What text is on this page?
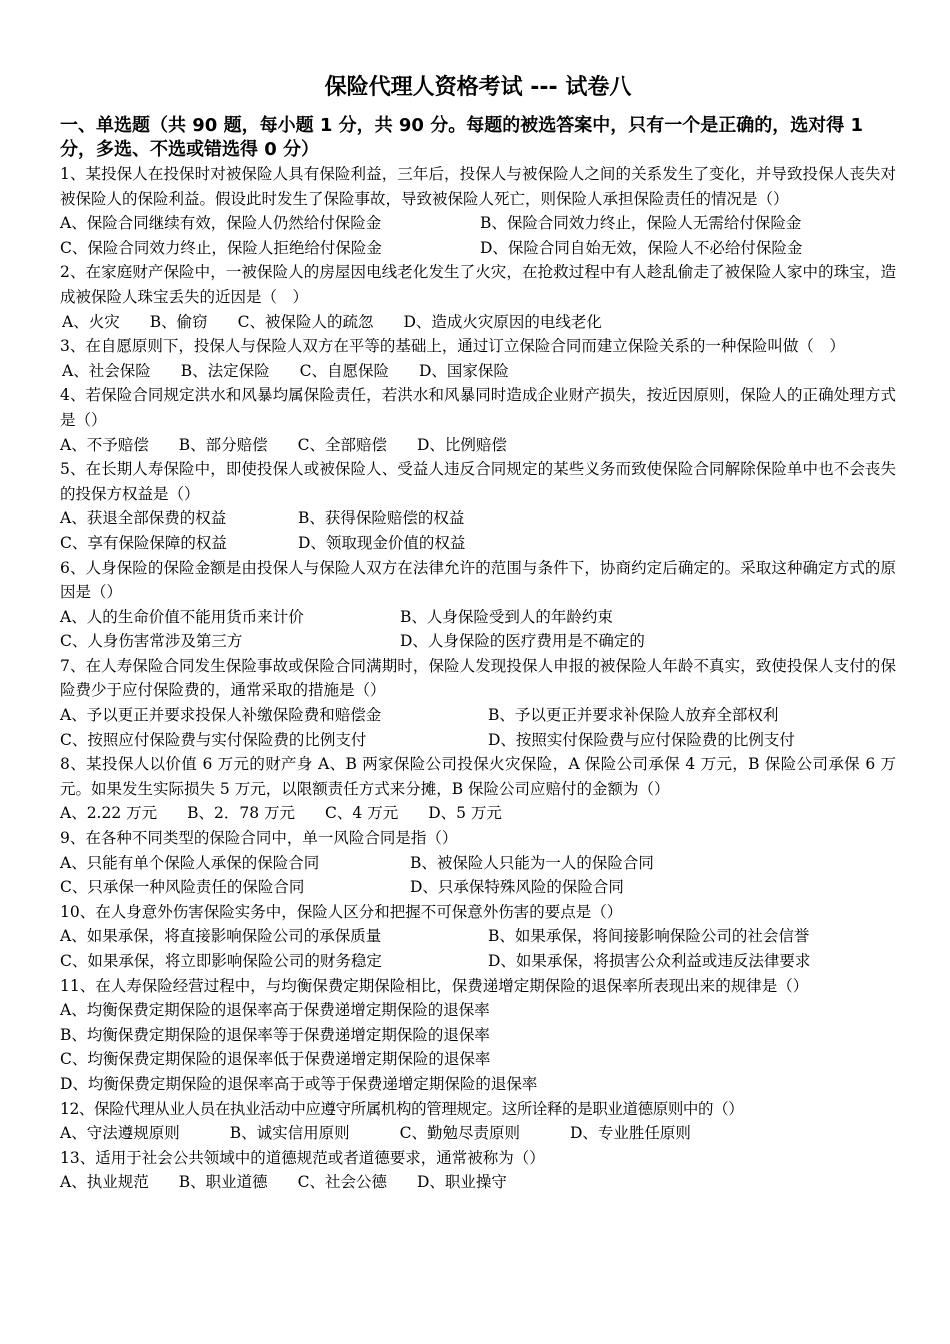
保险代理人资格考试 --- 试卷八

一、单选题（共 90 题，每小题 1 分，共 90 分。每题的被选答案中，只有一个是正确的，选对得 1 分，多选、不选或错选得 0 分）

1、某投保人在投保时对被保险人具有保险利益，三年后，投保人与被保险人之间的关系发生了变化，并导致投保人丧失对被保险人的保险利益。假设此时发生了保险事故，导致被保险人死亡，则保险人承担保险责任的情况是（）

A、保险合同继续有效，保险人仍然给付保险金	B、保险合同效力终止，保险人无需给付保险金

C、保险合同效力终止，保险人拒绝给付保险金	D、保险合同自始无效，保险人不必给付保险金

2、在家庭财产保险中，一被保险人的房屋因电线老化发生了火灾，在抢救过程中有人趁乱偷走了被保险人家中的珠宝，造成被保险人珠宝丢失的近因是（　）

A、火灾 B、偷窃 C、被保险人的疏忽 D、造成火灾原因的电线老化

3、在自愿原则下，投保人与保险人双方在平等的基础上，通过订立保险合同而建立保险关系的一种保险叫做（　）

A、社会保险 B、法定保险 C、自愿保险 D、国家保险

4、若保险合同规定洪水和风暴均属保险责任，若洪水和风暴同时造成企业财产损失，按近因原则，保险人的正确处理方式是（）

A、不予赔偿 B、部分赔偿 C、全部赔偿 D、比例赔偿

5、在长期人寿保险中，即使投保人或被保险人、受益人违反合同规定的某些义务而致使保险合同解除保险单中也不会丧失的投保方权益是（）

A、获退全部保费的权益	B、获得保险赔偿的权益

C、享有保险保障的权益	D、领取现金价值的权益

6、人身保险的保险金额是由投保人与保险人双方在法律允许的范围与条件下，协商约定后确定的。采取这种确定方式的原因是（）

A、人的生命价值不能用货币来计价	B、人身保险受到人的年龄约束

C、人身伤害常涉及第三方	D、人身保险的医疗费用是不确定的

7、在人寿保险合同发生保险事故或保险合同满期时，保险人发现投保人申报的被保险人年龄不真实，致使投保人支付的保险费少于应付保险费的，通常采取的措施是（）

A、予以更正并要求投保人补缴保险费和赔偿金	B、予以更正并要求补保险人放弃全部权利

C、按照应付保险费与实付保险费的比例支付	D、按照实付保险费与应付保险费的比例支付

8、某投保人以价值 6 万元的财产身 A、B 两家保险公司投保火灾保险，A 保险公司承保 4 万元，B 保险公司承保 6 万元。如果发生实际损失 5 万元，以限额责任方式来分摊，B 保险公司应赔付的金额为（）

A、2.22 万元 B、2．78 万元 C、4 万元 D、5 万元

9、在各种不同类型的保险合同中，单一风险合同是指（）

A、只能有单个保险人承保的保险合同	B、被保险人只能为一人的保险合同

C、只承保一种风险责任的保险合同	D、只承保特殊风险的保险合同

10、在人身意外伤害保险实务中，保险人区分和把握不可保意外伤害的要点是（）

A、如果承保，将直接影响保险公司的承保质量	B、如果承保，将间接影响保险公司的社会信誉

C、如果承保，将立即影响保险公司的财务稳定	D、如果承保，将损害公众利益或违反法律要求

11、在人寿保险经营过程中，与均衡保费定期保险相比，保费递增定期保险的退保率所表现出来的规律是（）

A、均衡保费定期保险的退保率高于保费递增定期保险的退保率

B、均衡保费定期保险的退保率等于保费递增定期保险的退保率

C、均衡保费定期保险的退保率低于保费递增定期保险的退保率

D、均衡保费定期保险的退保率高于或等于保费递增定期保险的退保率

12、保险代理从业人员在执业活动中应遵守所属机构的管理规定。这所诠释的是职业道德原则中的（）

A、守法遵规原则	B、诚实信用原则	C、勤勉尽责原则	D、专业胜任原则

13、适用于社会公共领域中的道德规范或者道德要求，通常被称为（）

A、执业规范 B、职业道德 C、社会公德 D、职业操守
